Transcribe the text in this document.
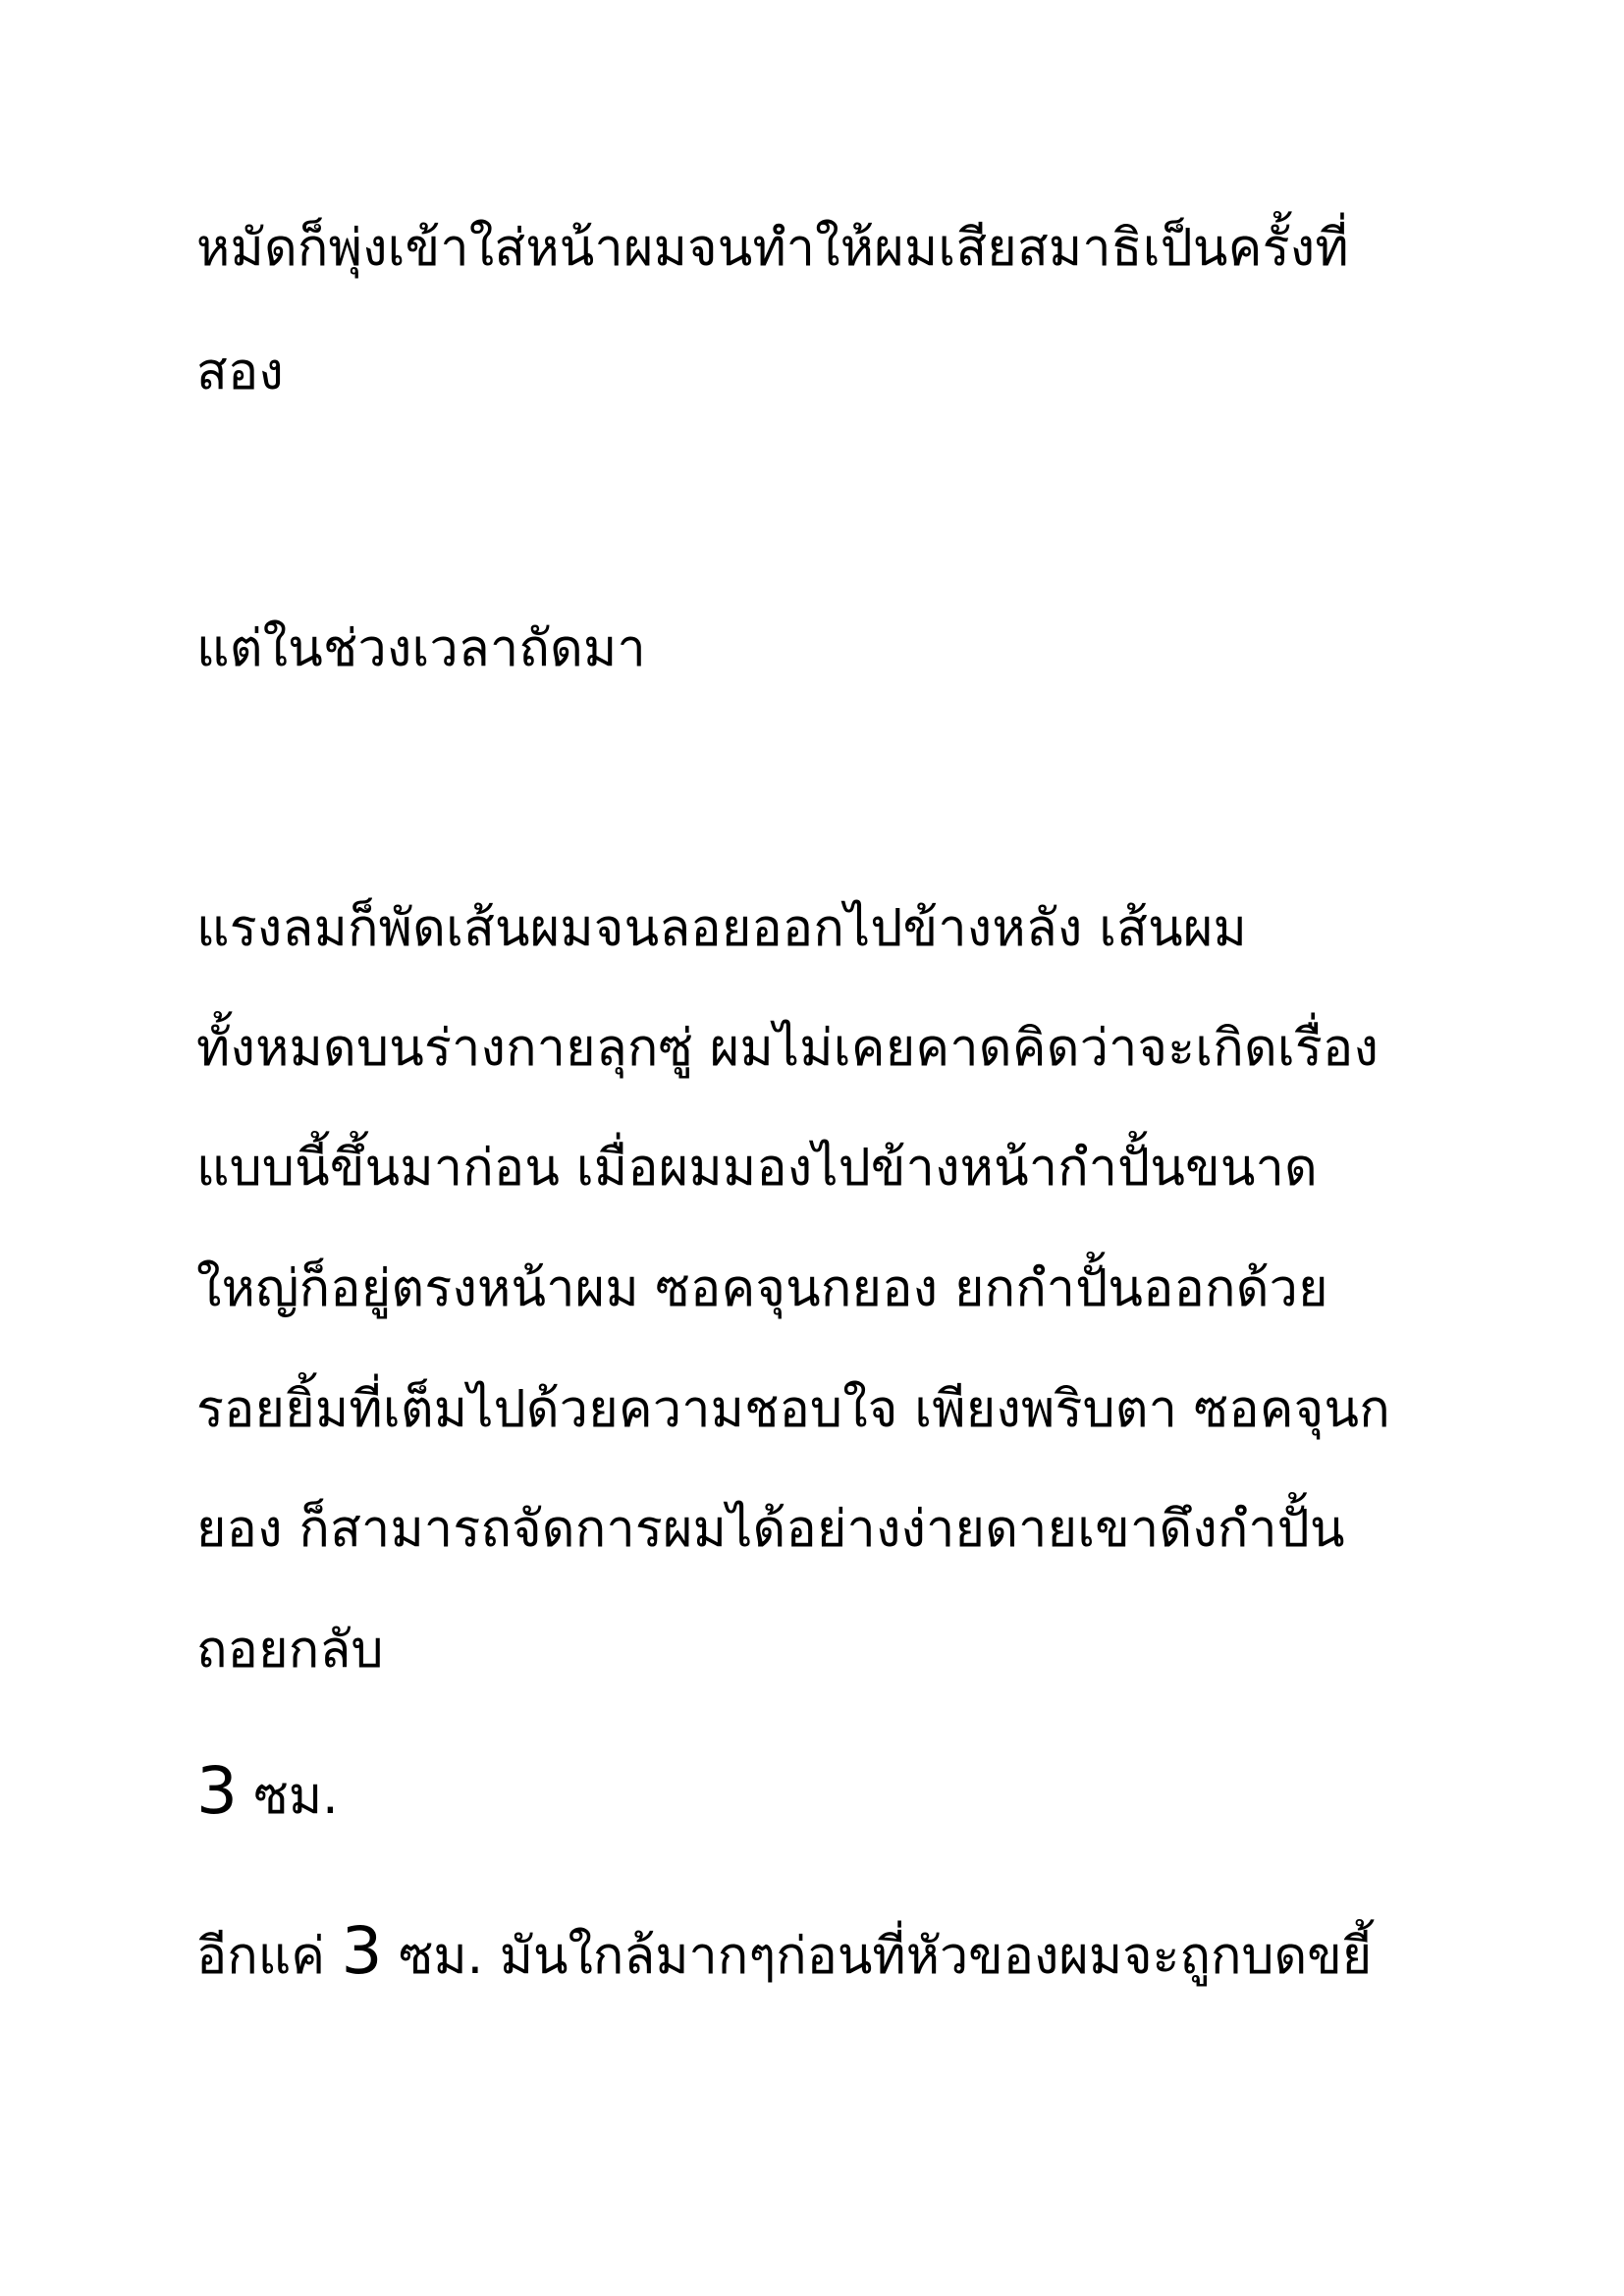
หมัดก็พุ่งเข้าใส่หน้าผมจนทำให้ผมเสียสมาธิเป็นครั้งที่
สอง
แต่ในช่วงเวลาถัดมา
แรงลมก็พัดเส้นผมจนลอยออกไปข้างหลัง เส้นผม
ทั้งหมดบนร่างกายลุกซู่ ผมไม่เคยคาดคิดว่าจะเกิดเรื่อง
แบบนี้ขึ้นมาก่อน เมื่อผมมองไปข้างหน้ากำปั้นขนาด
ใหญ่ก็อยู่ตรงหน้าผม ซอคจุนกยอง ยกกำปั้นออกด้วย
รอยยิ้มที่เต็มไปด้วยความชอบใจ เพียงพริบตา ซอคจุนก
ยอง ก็สามารถจัดการผมได้อย่างง่ายดายเขาดึงกำปั้น
ถอยกลับ
3 ซม.
อีกแค่ 3 ซม. มันใกล้มากๆก่อนที่หัวของผมจะถูกบดขยี้
